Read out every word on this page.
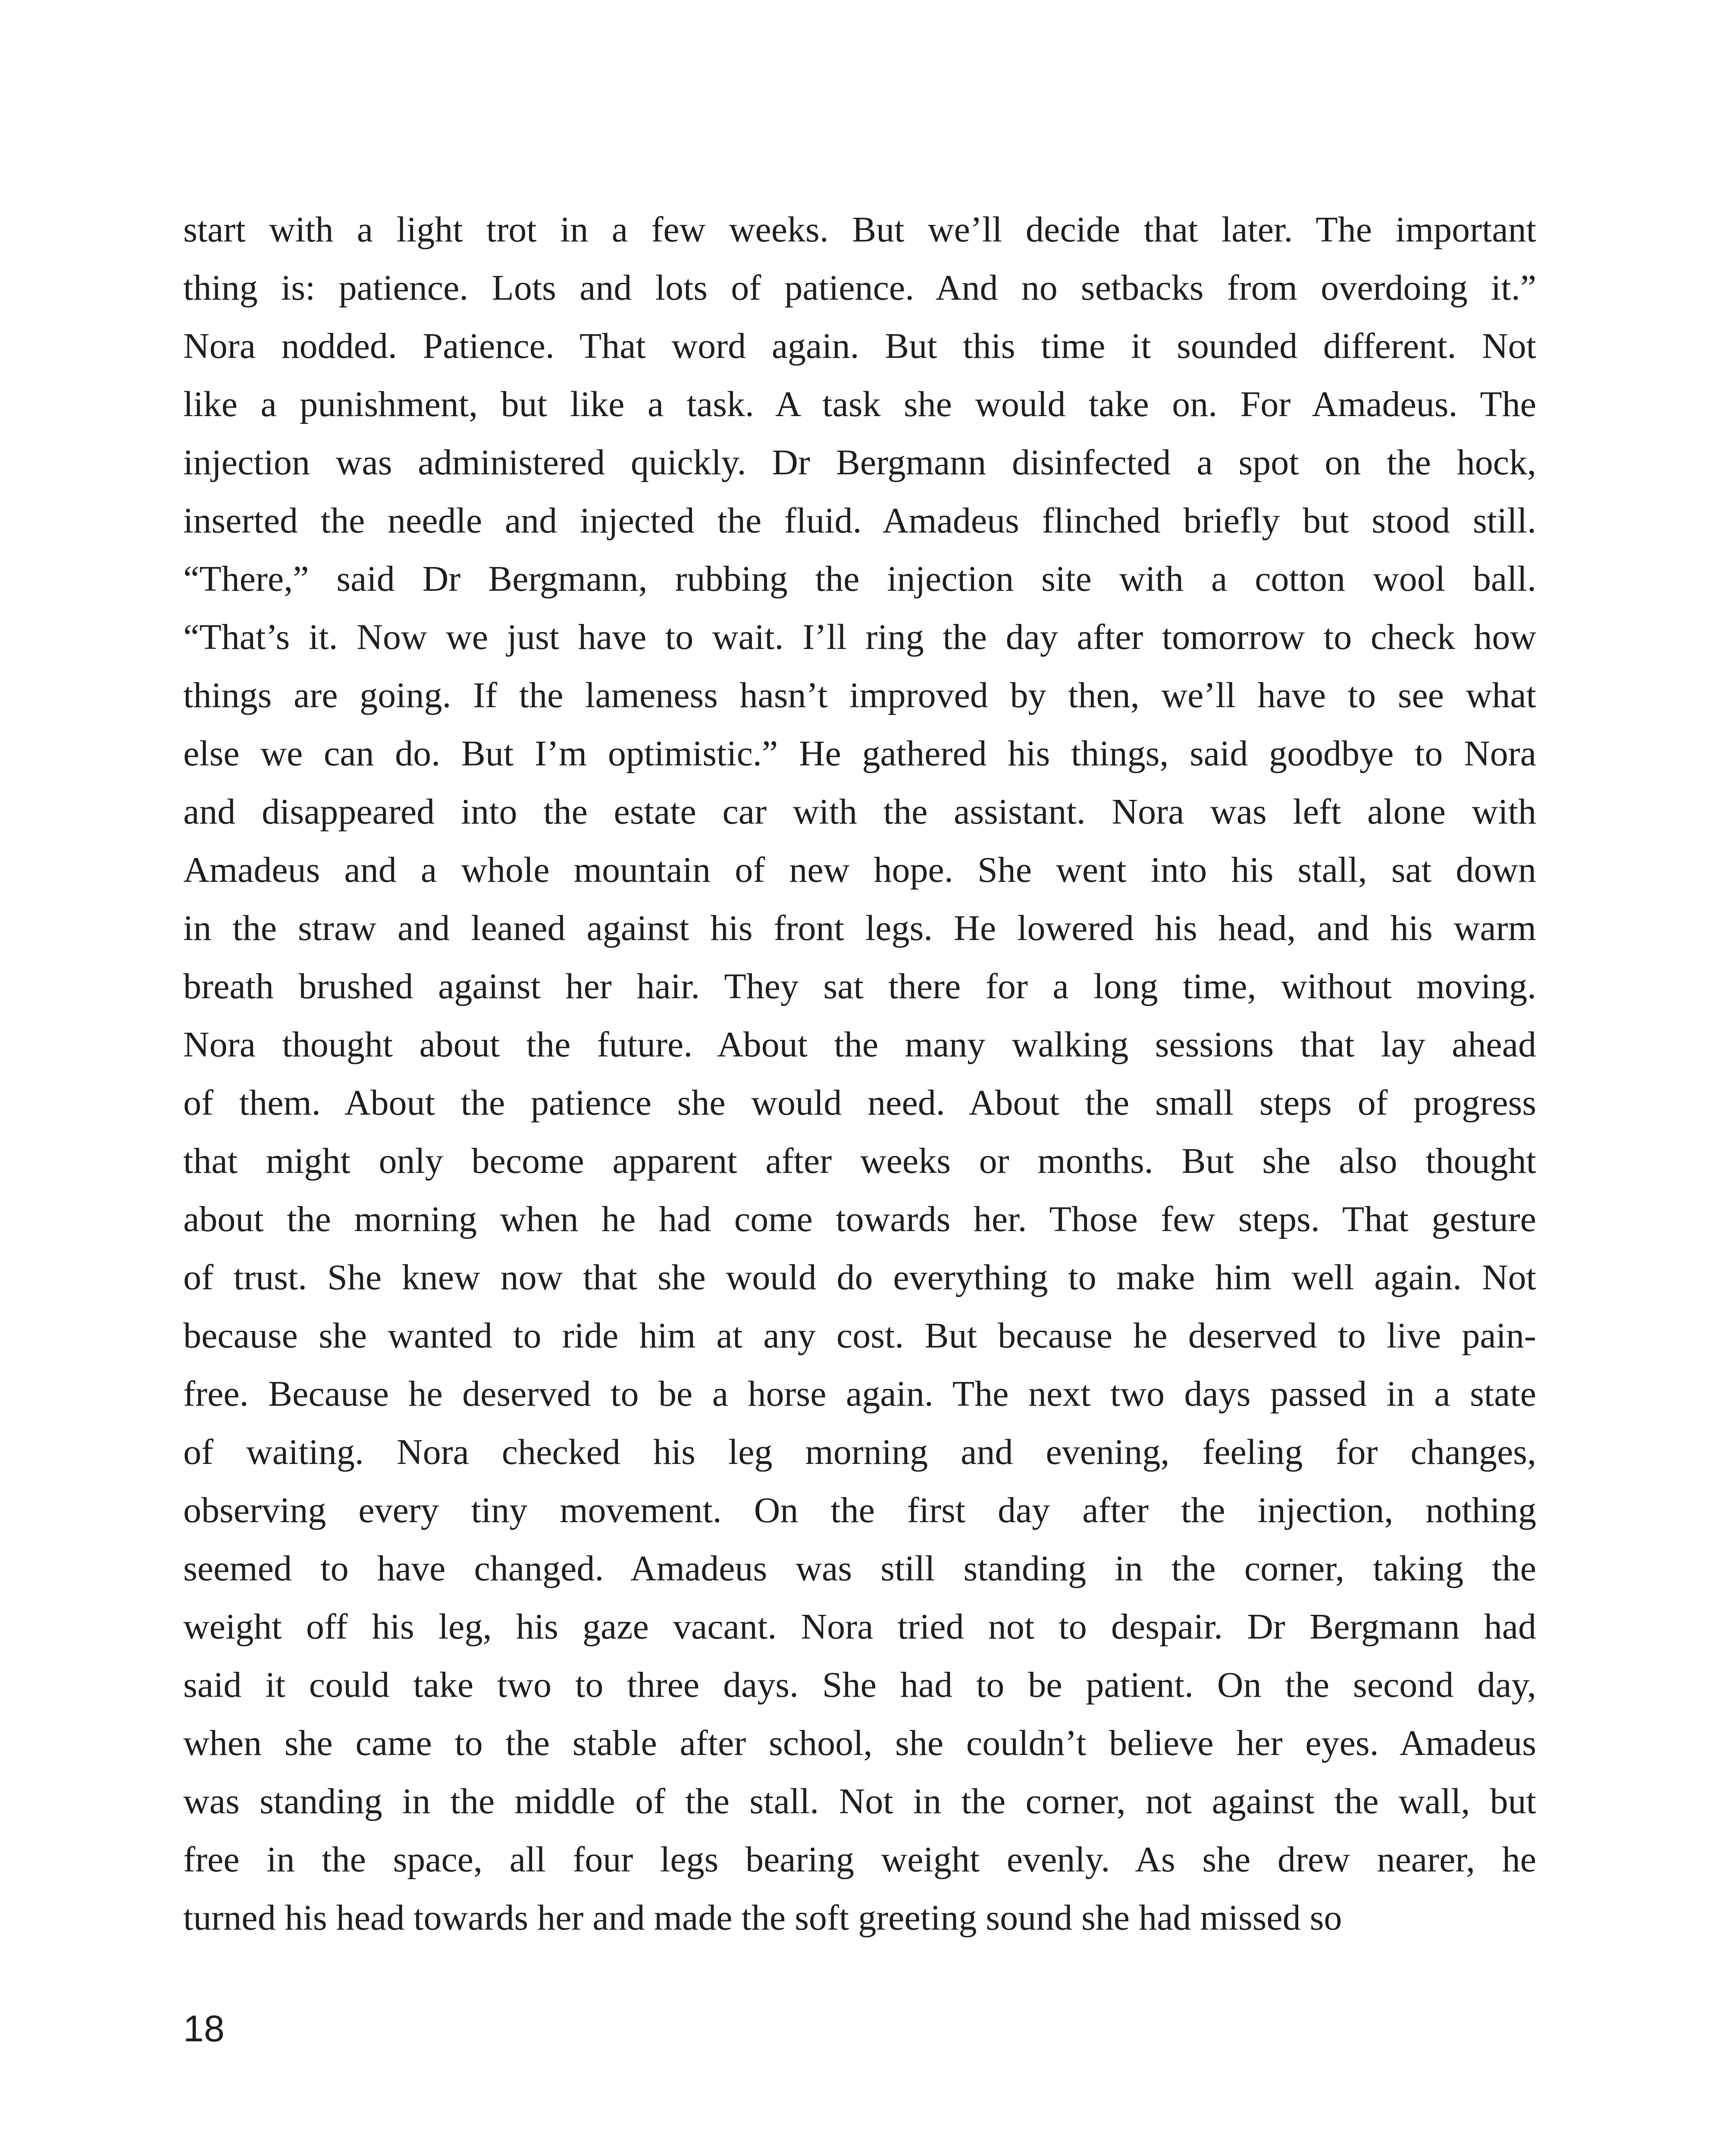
start with a light trot in a few weeks. But we’ll decide that later. The important
thing is: patience. Lots and lots of patience. And no setbacks from overdoing it.”
Nora nodded. Patience. That word again. But this time it sounded different. Not
like a punishment, but like a task. A task she would take on. For Amadeus. The
injection was administered quickly. Dr Bergmann disinfected a spot on the hock,
inserted the needle and injected the fluid. Amadeus flinched briefly but stood still.
“There,” said Dr Bergmann, rubbing the injection site with a cotton wool ball.
“That’s it. Now we just have to wait. I’ll ring the day after tomorrow to check how
things are going. If the lameness hasn’t improved by then, we’ll have to see what
else we can do. But I’m optimistic.” He gathered his things, said goodbye to Nora
and disappeared into the estate car with the assistant. Nora was left alone with
Amadeus and a whole mountain of new hope. She went into his stall, sat down
in the straw and leaned against his front legs. He lowered his head, and his warm
breath brushed against her hair. They sat there for a long time, without moving.
Nora thought about the future. About the many walking sessions that lay ahead
of them. About the patience she would need. About the small steps of progress
that might only become apparent after weeks or months. But she also thought
about the morning when he had come towards her. Those few steps. That gesture
of trust. She knew now that she would do everything to make him well again. Not
because she wanted to ride him at any cost. But because he deserved to live pain-
free. Because he deserved to be a horse again. The next two days passed in a state
of waiting. Nora checked his leg morning and evening, feeling for changes,
observing every tiny movement. On the first day after the injection, nothing
seemed to have changed. Amadeus was still standing in the corner, taking the
weight off his leg, his gaze vacant. Nora tried not to despair. Dr Bergmann had
said it could take two to three days. She had to be patient. On the second day,
when she came to the stable after school, she couldn’t believe her eyes. Amadeus
was standing in the middle of the stall. Not in the corner, not against the wall, but
free in the space, all four legs bearing weight evenly. As she drew nearer, he
turned his head towards her and made the soft greeting sound she had missed so
18
